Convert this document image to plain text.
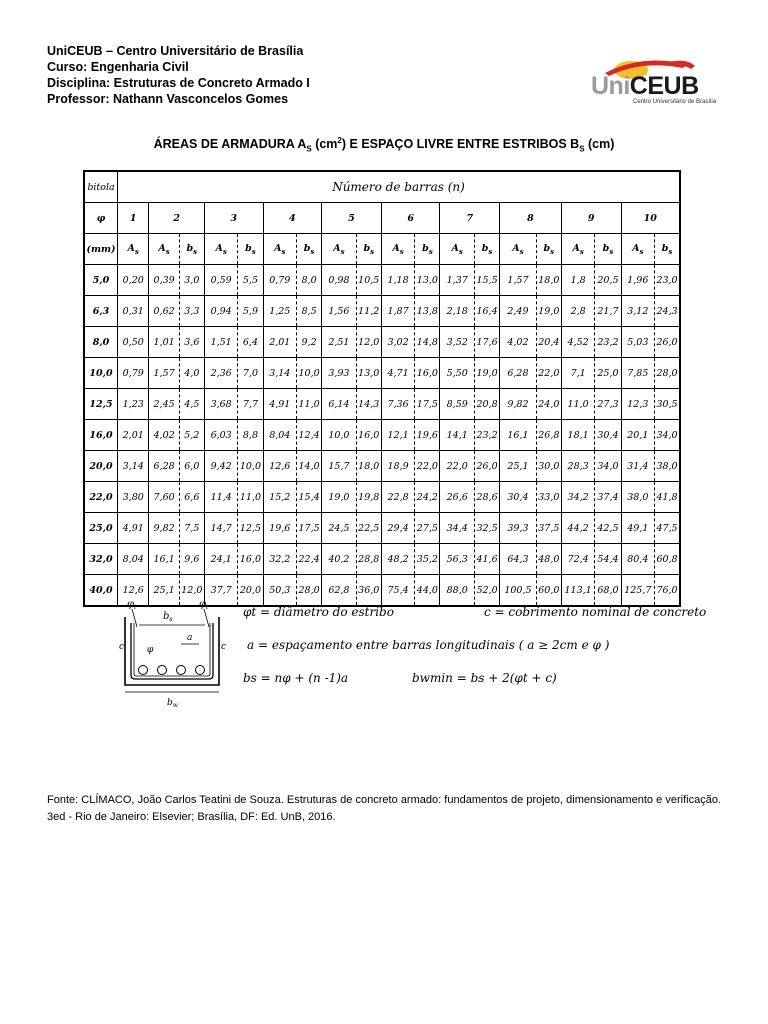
UniCEUB – Centro Universitário de Brasília
Curso: Engenharia Civil
Disciplina: Estruturas de Concreto Armado I
Professor: Nathann Vasconcelos Gomes	UniCEUB
Centro Universitário de Brasília
ÁREAS DE ARMADURA $A_S$ $(cm^2)$ E ESPAÇO LIVRE ENTRE ESTRIBOS $B_S$ (cm)
bitola	Número de barras (n)																		
φ	1	2		3		4		5		6		7		8		9		10	
(mm)	$A_s$	$A_s$	$b_s$	$A_s$	$b_s$	$A_s$	$b_s$	$A_s$	$b_s$	$A_s$	$b_s$	$A_s$	$b_s$	$A_s$	$b_s$	$A_s$	$b_s$	$A_s$	$b_s$
5,0	0,20	0,39	3,0	0,59	5,5	0,79	8,0	0,98	10,5	1,18	13,0	1,37	15,5	1,57	18,0	1,8	20,5	1,96	23,0
6,3	0,31	0,62	3,3	0,94	5,9	1,25	8,5	1,56	11,2	1,87	13,8	2,18	16,4	2,49	19,0	2,8	21,7	3,12	24,3
8,0	0,50	1,01	3,6	1,51	6,4	2,01	9,2	2,51	12,0	3,02	14,8	3,52	17,6	4,02	20,4	4,52	23,2	5,03	26,0
10,0	0,79	1,57	4,0	2,36	7,0	3,14	10,0	3,93	13,0	4,71	16,0	5,50	19,0	6,28	22,0	7,1	25,0	7,85	28,0
12,5	1,23	2,45	4,5	3,68	7,7	4,91	11,0	6,14	14,3	7,36	17,5	8,59	20,8	9,82	24,0	11,0	27,3	12,3	30,5
16,0	2,01	4,02	5,2	6,03	8,8	8,04	12,4	10,0	16,0	12,1	19,6	14,1	23,2	16,1	26,8	18,1	30,4	20,1	34,0
20,0	3,14	6,28	6,0	9,42	10,0	12,6	14,0	15,7	18,0	18,9	22,0	22,0	26,0	25,1	30,0	28,3	34,0	31,4	38,0
22,0	3,80	7,60	6,6	11,4	11,0	15,2	15,4	19,0	19,8	22,8	24,2	26,6	28,6	30,4	33,0	34,2	37,4	38,0	41,8
25,0	4,91	9,82	7,5	14,7	12,5	19,6	17,5	24,5	22,5	29,4	27,5	34,4	32,5	39,3	37,5	44,2	42,5	49,1	47,5
32,0	8,04	16,1	9,6	24,1	16,0	32,2	22,4	40,2	28,8	48,2	35,2	56,3	41,6	64,3	48,0	72,4	54,4	80,4	60,8
40,0	12,6	25,1	12,0	37,7	20,0	50,3	28,0	62,8	36,0	75,4	44,0	88,0	52,0	100,5	60,0	113,1	68,0	125,7	76,0
$\varphi_t$	$\varphi_t$
$b_s$
c	c
φ
a
$b_w$
φt = diâmetro do estribo	c = cobrimento nominal de concreto
a = espaçamento entre barras longitudinais ( a ≥ 2cm e φ )
bs = nφ + (n -1)a	bwmin = bs + 2(φt + c)
Fonte: CLÍMACO, João Carlos Teatini de Souza. Estruturas de concreto armado: fundamentos de projeto, dimensionamento e verificação. 3ed - Rio de Janeiro: Elsevier; Brasília, DF: Ed. UnB, 2016.
